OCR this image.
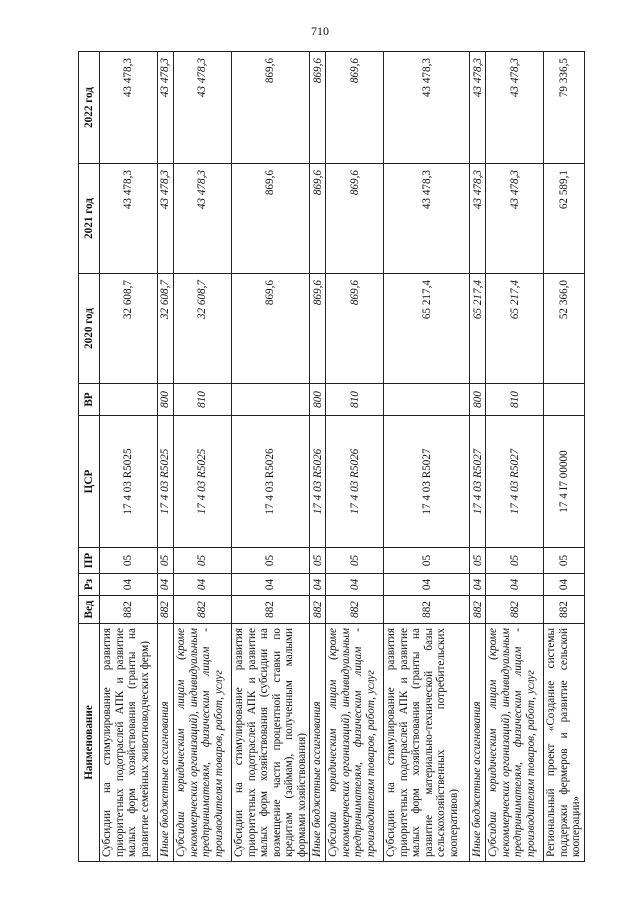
710
Наименование	Вед	Рз	ПР	ЦСР	ВР	2020 год	2021 год	2022 год
Субсидии на стимулирование развития приоритетных подотраслей АПК и развитие малых форм хозяйствования (гранты на развитие семейных животноводческих ферм)	882	04	05	17 4 03 R5025		32 608,7	43 478,3	43 478,3
Иные бюджетные ассигнования	882	04	05	17 4 03 R5025	800	32 608,7	43 478,3	43 478,3
Субсидии юридическим лицам (кроме некоммерческих организаций), индивидуальным предпринимателям, физическим лицам - производителям товаров, работ, услуг	882	04	05	17 4 03 R5025	810	32 608,7	43 478,3	43 478,3
Субсидии на стимулирование развития приоритетных подотраслей АПК и развитие малых форм хозяйствования (субсидии на возмещение части процентной ставки по кредитам (займам), полученным малыми формами хозяйствования)	882	04	05	17 4 03 R5026		869,6	869,6	869,6
Иные бюджетные ассигнования	882	04	05	17 4 03 R5026	800	869,6	869,6	869,6
Субсидии юридическим лицам (кроме некоммерческих организаций), индивидуальным предпринимателям, физическим лицам - производителям товаров, работ, услуг	882	04	05	17 4 03 R5026	810	869,6	869,6	869,6
Субсидии на стимулирование развития приоритетных подотраслей АПК и развитие малых форм хозяйствования (гранты на развитие материально-технической базы сельскохозяйственных потребительских кооперативов)	882	04	05	17 4 03 R5027		65 217,4	43 478,3	43 478,3
Иные бюджетные ассигнования	882	04	05	17 4 03 R5027	800	65 217,4	43 478,3	43 478,3
Субсидии юридическим лицам (кроме некоммерческих организаций), индивидуальным предпринимателям, физическим лицам - производителям товаров, работ, услуг	882	04	05	17 4 03 R5027	810	65 217,4	43 478,3	43 478,3
Региональный проект «Создание системы поддержки фермеров и развитие сельской кооперации»	882	04	05	17 4 I7 00000		52 366,0	62 589,1	79 336,5
